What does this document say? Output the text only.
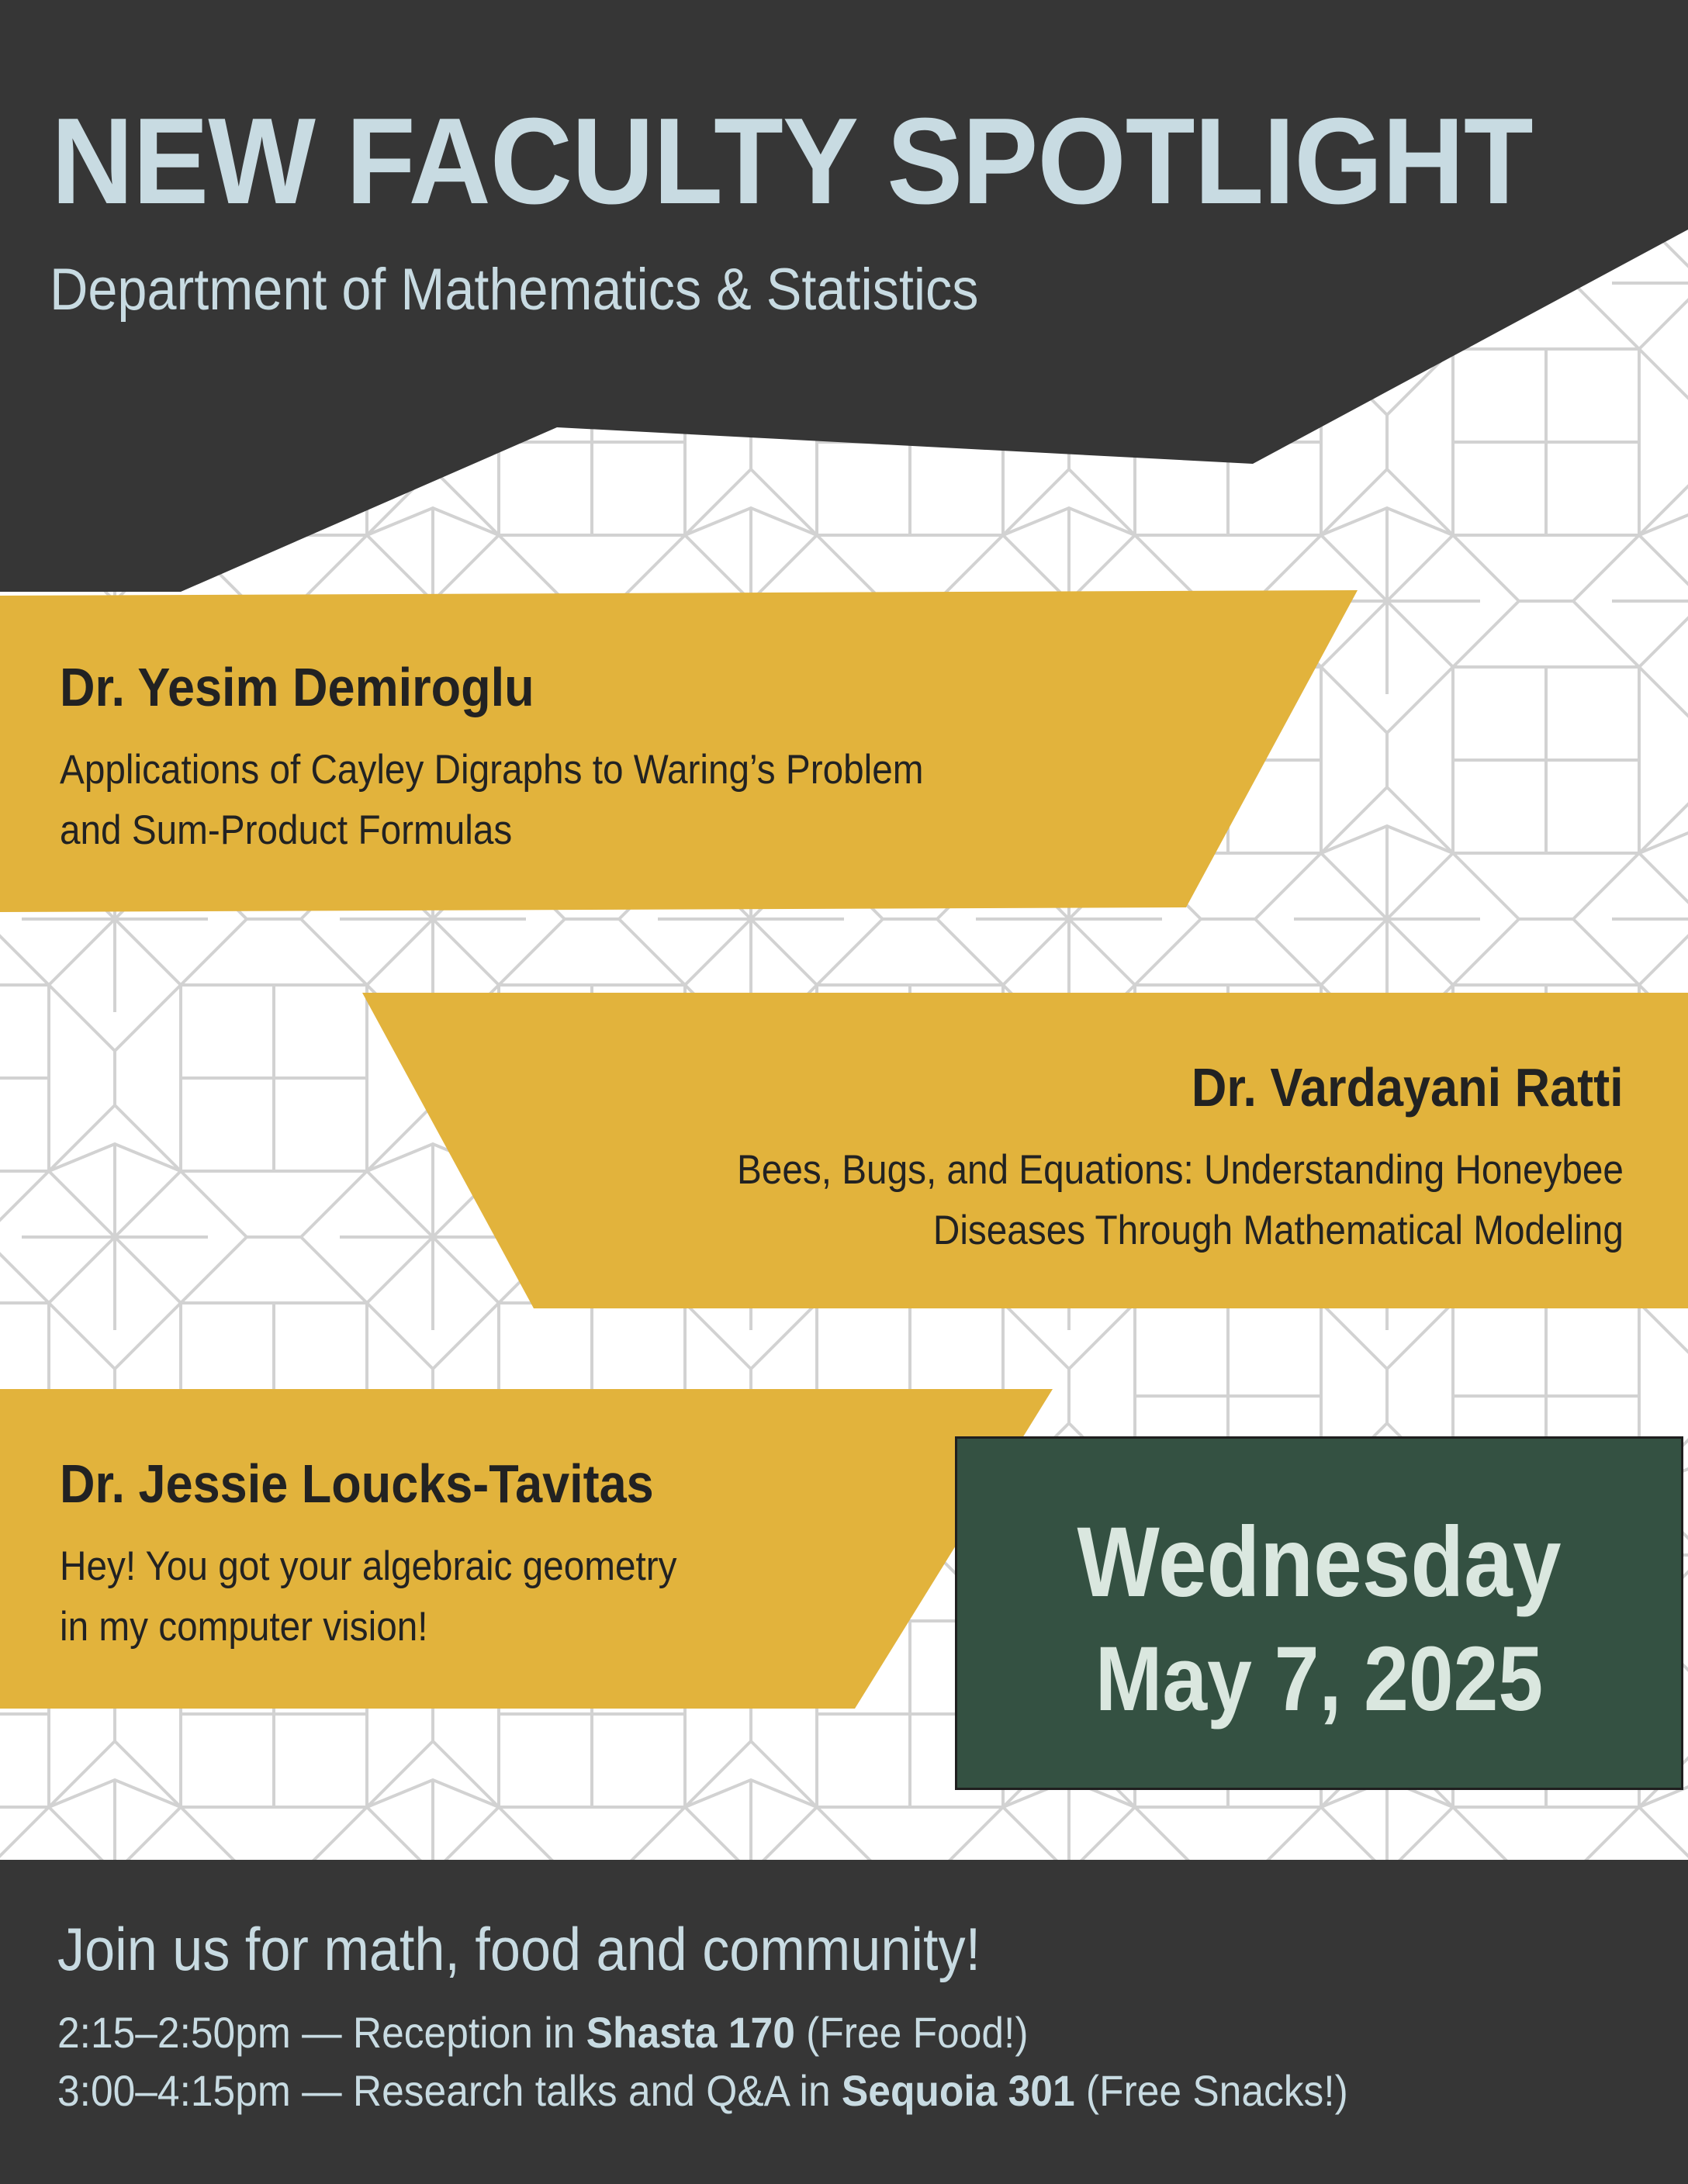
NEW FACULTY SPOTLIGHT
Department of Mathematics & Statistics
Dr. Yesim Demiroglu
Applications of Cayley Digraphs to Waring’s Problem
and Sum-Product Formulas
Dr. Vardayani Ratti
Bees, Bugs, and Equations: Understanding Honeybee
Diseases Through Mathematical Modeling
Dr. Jessie Loucks-Tavitas
Hey! You got your algebraic geometry
in my computer vision!
Wednesday
May 7, 2025
Join us for math, food and community!
2:15–2:50pm — Reception in Shasta 170 (Free Food!)
3:00–4:15pm — Research talks and Q&A in Sequoia 301 (Free Snacks!)
